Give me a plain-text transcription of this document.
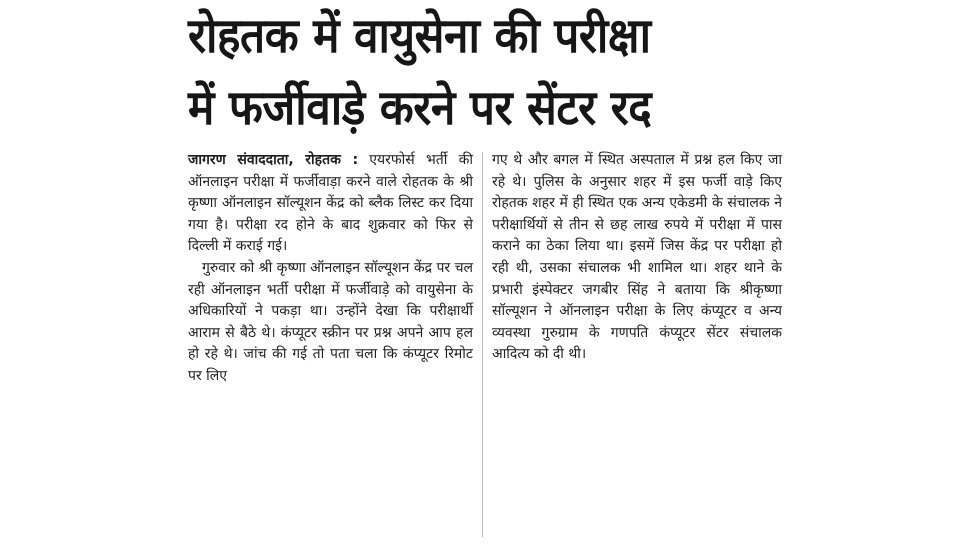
रोहतक में वायुसेना की परीक्षा
में फर्जीवाड़े करने पर सेंटर रद

जागरण संवाददाता, रोहतक : एयरफोर्स भर्ती की ऑनलाइन परीक्षा में फर्जीवाड़ा करने वाले रोहतक के श्री कृष्णा ऑनलाइन सॉल्यूशन केंद्र को ब्लैक लिस्ट कर दिया गया है। परीक्षा रद होने के बाद शुक्रवार को फिर से दिल्ली में कराई गई।

गुरुवार को श्री कृष्णा ऑनलाइन सॉल्यूशन केंद्र पर चल रही ऑनलाइन भर्ती परीक्षा में फर्जीवाड़े को वायुसेना के अधिकारियों ने पकड़ा था। उन्होंने देखा कि परीक्षार्थी आराम से बैठे थे। कंप्यूटर स्क्रीन पर प्रश्न अपने आप हल हो रहे थे। जांच की गई तो पता चला कि कंप्यूटर रिमोट पर लिए

गए थे और बगल में स्थित अस्पताल में प्रश्न हल किए जा रहे थे। पुलिस के अनुसार शहर में इस फर्जी वाड़े किए रोहतक शहर में ही स्थित एक अन्य एकेडमी के संचालक ने परीक्षार्थियों से तीन से छह लाख रुपये में परीक्षा में पास कराने का ठेका लिया था। इसमें जिस केंद्र पर परीक्षा हो रही थी, उसका संचालक भी शामिल था। शहर थाने के प्रभारी इंस्पेक्टर जगबीर सिंह ने बताया कि श्रीकृष्णा सॉल्यूशन ने ऑनलाइन परीक्षा के लिए कंप्यूटर व अन्य व्यवस्था गुरुग्राम के गणपति कंप्यूटर सेंटर संचालक आदित्य को दी थी।
